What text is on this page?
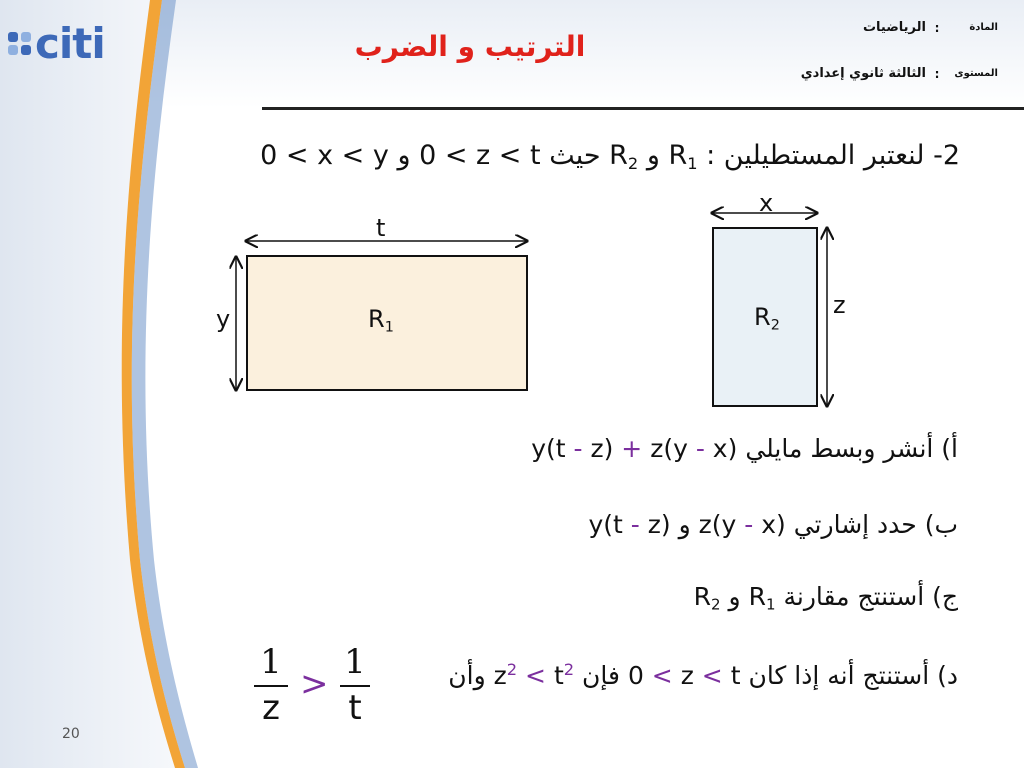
citi	الترتيب و الضرب
المادة
:
الرياضيات
المستوى
:
الثالثة ثانوي إعدادي
2- لنعتبر المستطيلين : $R_1$ و $R_2$ حيث 0 < z < t و 0 < x < y
$R_1$	$R_2$
t
y
x
z
أ) أنشر وبسط مايلي y(t - z) + z(y - x)
ب) حدد إشارتي z(y - x) و y(t - z)
ج) أستنتج مقارنة $R_1$ و $R_2$
د) أستنتج أنه إذا كان 0 < z < t فإن $z^2 < t^2$ وأن
1
z
>
1
t
20
